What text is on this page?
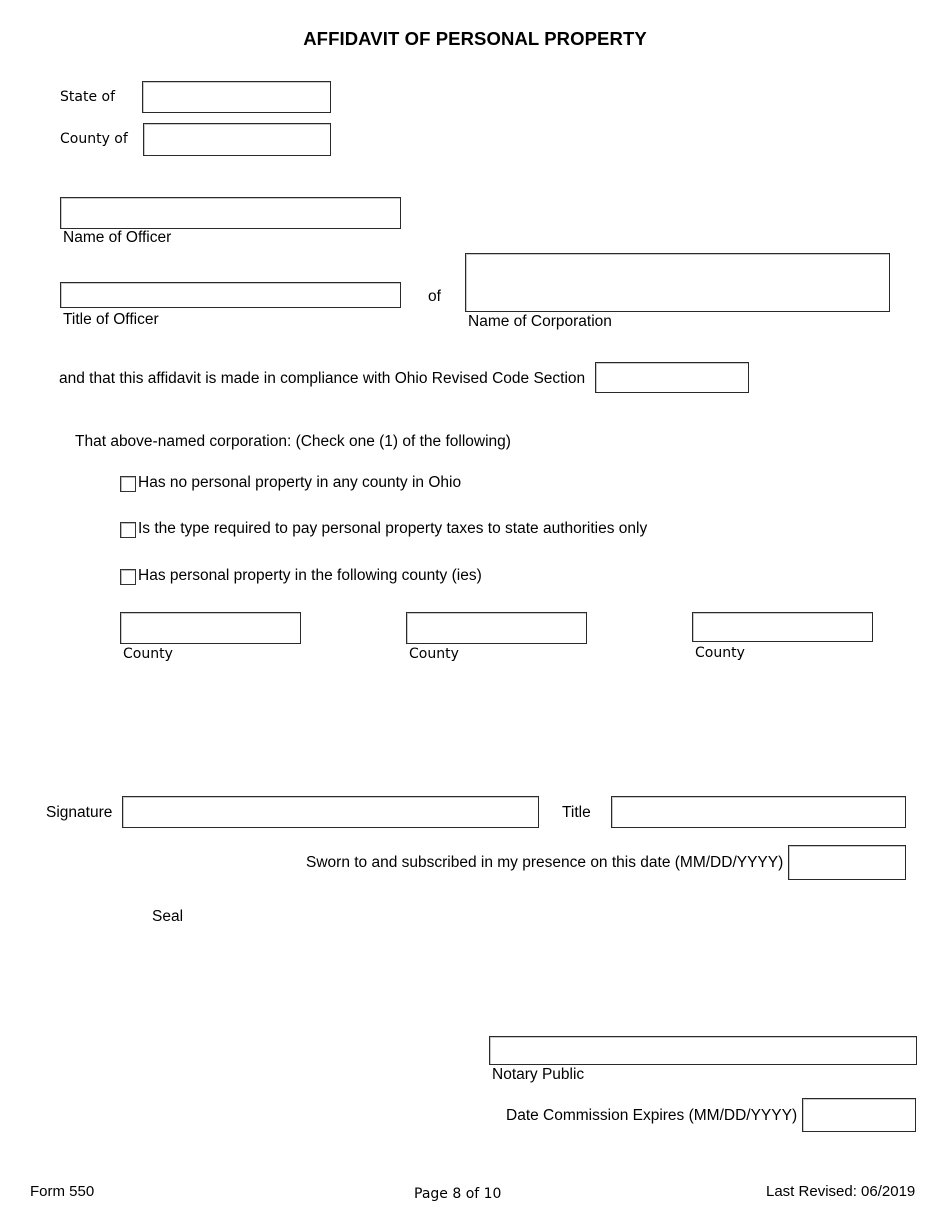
AFFIDAVIT OF PERSONAL PROPERTY
State of
County of
Name of Officer
Title of Officer
of
Name of Corporation
and that this affidavit is made in compliance with Ohio Revised Code Section
That above-named corporation: (Check one (1) of the following)
Has no personal property in any county in Ohio
Is the type required to pay personal property taxes to state authorities only
Has personal property in the following county (ies)
County	County	County
Signature	Title
Sworn to and subscribed in my presence on this date (MM/DD/YYYY)
Seal
Notary Public
Date Commission Expires (MM/DD/YYYY)
Form 550	Page 8 of 10	Last Revised: 06/2019
